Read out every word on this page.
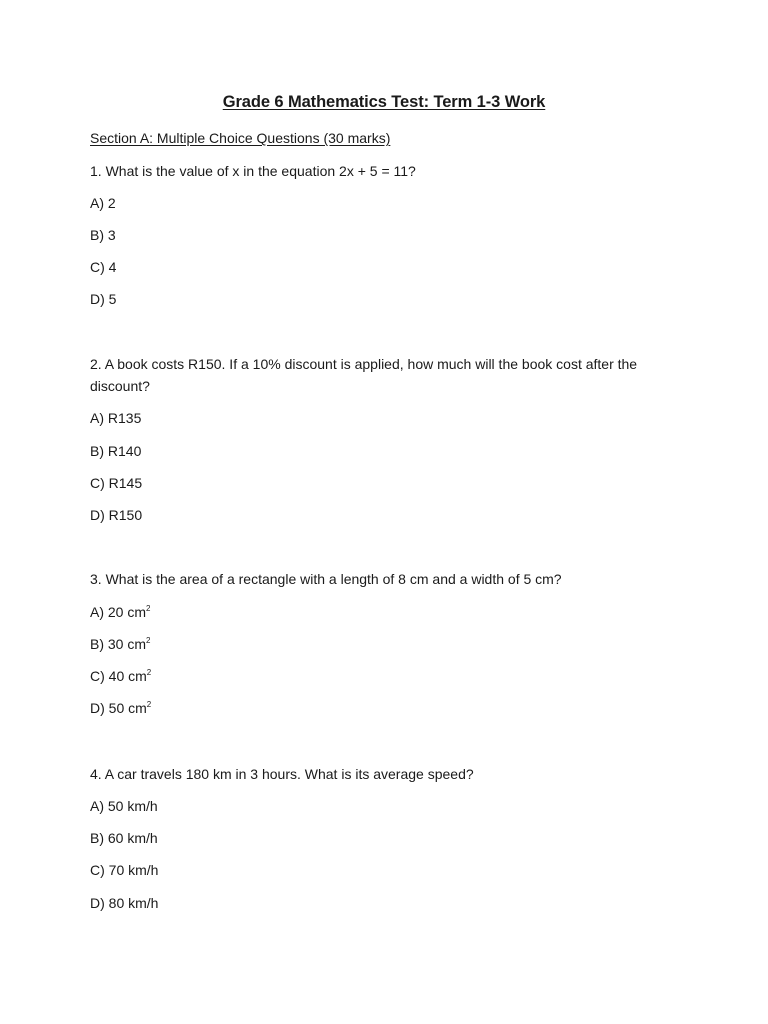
Grade 6 Mathematics Test: Term 1-3 Work
Section A: Multiple Choice Questions (30 marks)
1. What is the value of x in the equation 2x + 5 = 11?
A) 2
B) 3
C) 4
D) 5
2. A book costs R150. If a 10% discount is applied, how much will the book cost after the discount?
A) R135
B) R140
C) R145
D) R150
3. What is the area of a rectangle with a length of 8 cm and a width of 5 cm?
A) 20 $cm^2$
B) 30 $cm^2$
C) 40 $cm^2$
D) 50 $cm^2$
4. A car travels 180 km in 3 hours. What is its average speed?
A) 50 km/h
B) 60 km/h
C) 70 km/h
D) 80 km/h
